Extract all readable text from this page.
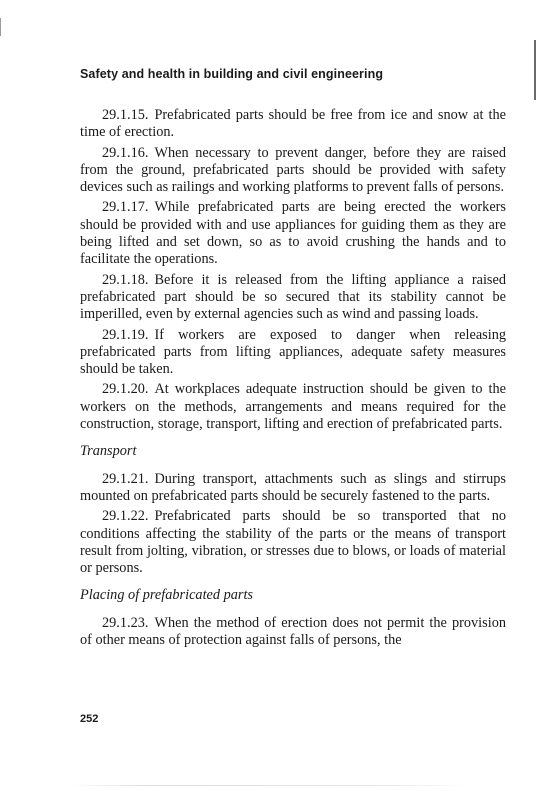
Safety and health in building and civil engineering

29.1.15. Prefabricated parts should be free from ice and snow at the time of erection.

29.1.16. When necessary to prevent danger, before they are raised from the ground, prefabricated parts should be provided with safety devices such as railings and working platforms to prevent falls of persons.

29.1.17. While prefabricated parts are being erected the workers should be provided with and use appliances for guiding them as they are being lifted and set down, so as to avoid crushing the hands and to facilitate the operations.

29.1.18. Before it is released from the lifting appliance a raised prefabricated part should be so secured that its stability cannot be imperilled, even by external agencies such as wind and passing loads.

29.1.19. If workers are exposed to danger when releasing prefabricated parts from lifting appliances, adequate safety measures should be taken.

29.1.20. At workplaces adequate instruction should be given to the workers on the methods, arrangements and means required for the construction, storage, transport, lifting and erection of prefabricated parts.

Transport

29.1.21. During transport, attachments such as slings and stirrups mounted on prefabricated parts should be securely fastened to the parts.

29.1.22. Prefabricated parts should be so transported that no conditions affecting the stability of the parts or the means of transport result from jolting, vibration, or stresses due to blows, or loads of material or persons.

Placing of prefabricated parts

29.1.23. When the method of erection does not permit the provision of other means of protection against falls of persons, the

252
